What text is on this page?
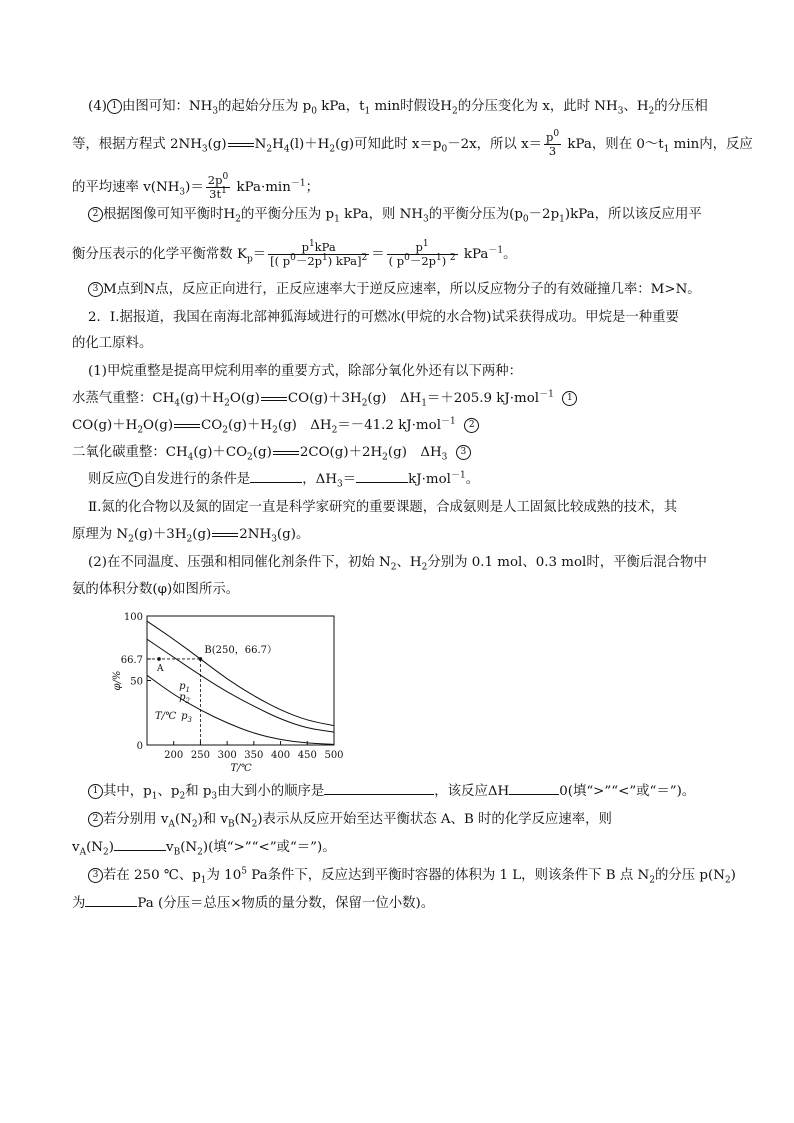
(4) 1 由图可知：$NH_3$的起始分压为 $p_0$ kPa，$t_1$ min时假设$H_2$的分压变化为 x，此时 $NH_3$、$H_2$的分压相
等，根据方程式 $2NH_3(g)$ $N_2H_4(l)+H_2(g)$可知此时 $x=p_0-2x$，所以 $x= \frac{p^0}{3}$ kPa，则在 $0\sim t_1$ min内，反应
的平均速率 $v(NH_3)= \frac{2p^0}{3t^1} kPa\cdot\min^{-1}$；
2 根据图像可知平衡时$H_2$的平衡分压为 $p_1$ kPa，则 $NH_3$的平衡分压为$(p_0-2p_1)kPa$，所以该反应用平
衡分压表示的化学平衡常数 $K_p= \frac{p^1kPa}{[( p^0-2p^1) kPa]^2} = \frac{p^1}{( p^0-2p^1) ^2} kPa^{-1}$。
3 M点到N点，反应正向进行，正反应速率大于逆反应速率，所以反应物分子的有效碰撞几率：M>N。
2．Ⅰ.据报道，我国在南海北部神狐海域进行的可燃冰(甲烷的水合物)试采获得成功。甲烷是一种重要
的化工原料。
(1)甲烷重整是提高甲烷利用率的重要方式，除部分氧化外还有以下两种：
水蒸气重整：$CH_4(g)+H_2O(g)$ $CO(g)+3H_2(g)$　$\Delta H_1=+205.9$ kJ·mol$^{-1}$ 1
$CO(g)+H_2O(g)$ $CO_2(g)+H_2(g)$　$\Delta H_2=-41.2$ kJ·mol$^{-1}$ 2
二氧化碳重整：$CH_4(g)+CO_2(g)$ $2CO(g)+2H_2(g)$　$\Delta H_3$  3
则反应 1 自发进行的条件是	，$\Delta H_3=$	kJ·mol$^{-1}$。
Ⅱ.氮的化合物以及氮的固定一直是科学家研究的重要课题，合成氨则是人工固氮比较成熟的技术，其
原理为 $N_2(g)+3H_2(g)$ $2NH_3(g)$。
(2)在不同温度、压强和相同催化剂条件下，初始 $N_2$、$H_2$分别为 0.1 mol、0.3 mol时，平衡后混合物中
氨的体积分数(φ)如图所示。
0
50
66.7
100
200 250 300 350 400 450 500
T/℃
φ/%
T/℃
$p_1$
$p_2$
$p_3$
A
B(250，66.7）
1 其中，$p_1$、$p_2$和 $p_3$由大到小的顺序是	，该反应ΔH	0(填“>”“<”或“＝”)。
2 若分别用 $v_A(N_2)$和 $v_B(N_2)$表示从反应开始至达平衡状态 A、B 时的化学反应速率，则
$v_A(N_2)$	$v_B(N_2)$(填“>”“<”或“＝”)。
3 若在 250 ℃、$p_1$为 $10^5$ Pa条件下，反应达到平衡时容器的体积为 1 L，则该条件下 B 点 $N_2$的分压 $p(N_2)$
为	Pa (分压＝总压×物质的量分数，保留一位小数)。
